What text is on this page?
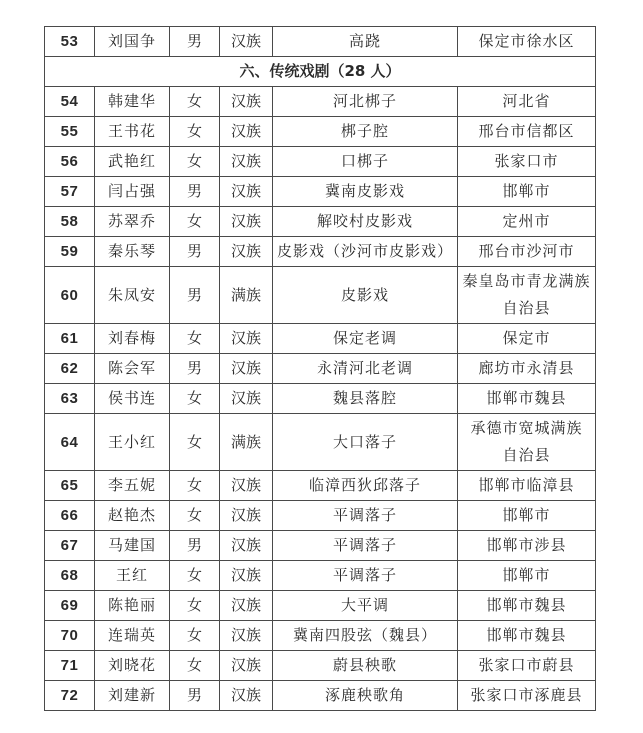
53	刘国争	男	汉族	高跷	保定市徐水区
六、传统戏剧（28 人）					
54	韩建华	女	汉族	河北梆子	河北省
55	王书花	女	汉族	梆子腔	邢台市信都区
56	武艳红	女	汉族	口梆子	张家口市
57	闫占强	男	汉族	冀南皮影戏	邯郸市
58	苏翠乔	女	汉族	解咬村皮影戏	定州市
59	秦乐琴	男	汉族	皮影戏（沙河市皮影戏）	邢台市沙河市
60	朱凤安	男	满族	皮影戏	秦皇岛市青龙满族
自治县

61	刘春梅	女	汉族	保定老调	保定市
62	陈会军	男	汉族	永清河北老调	廊坊市永清县
63	侯书连	女	汉族	魏县落腔	邯郸市魏县
64	王小红	女	满族	大口落子	承德市宽城满族
自治县

65	李五妮	女	汉族	临漳西狄邱落子	邯郸市临漳县
66	赵艳杰	女	汉族	平调落子	邯郸市
67	马建国	男	汉族	平调落子	邯郸市涉县
68	王红	女	汉族	平调落子	邯郸市
69	陈艳丽	女	汉族	大平调	邯郸市魏县
70	连瑞英	女	汉族	冀南四股弦（魏县）	邯郸市魏县
71	刘晓花	女	汉族	蔚县秧歌	张家口市蔚县
72	刘建新	男	汉族	涿鹿秧歌角	张家口市涿鹿县
